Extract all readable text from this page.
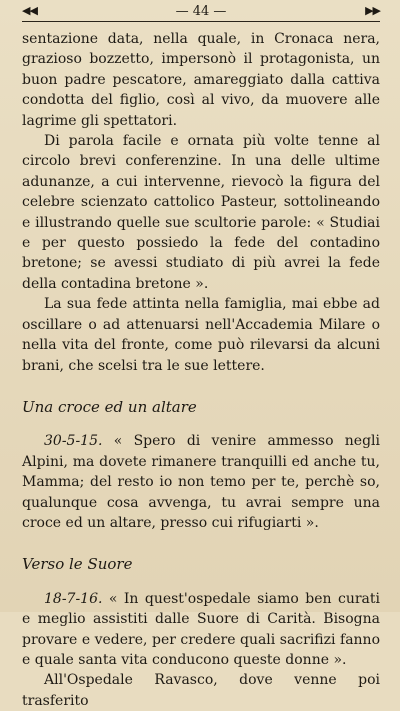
◀◀	— 44 —	▶▶

sentazione data, nella quale, in Cronaca nera, grazioso bozzetto, impersonò il protagonista, un buon padre pescatore, amareggiato dalla cattiva condotta del figlio, così al vivo, da muovere alle lagrime gli spettatori.

Di parola facile e ornata più volte tenne al circolo brevi conferenzine. In una delle ultime adunanze, a cui intervenne, rievocò la figura del celebre scienzato cattolico Pasteur, sottolineando e illustrando quelle sue scultorie parole: « Studiai e per questo possiedo la fede del contadino bretone; se avessi studiato di più avrei la fede della contadina bretone ».

La sua fede attinta nella famiglia, mai ebbe ad oscillare o ad attenuarsi nell'Accademia Milare o nella vita del fronte, come può rilevarsi da alcuni brani, che scelsi tra le sue lettere.

Una croce ed un altare

30-5-15. « Spero di venire ammesso negli Alpini, ma dovete rimanere tranquilli ed anche tu, Mamma; del resto io non temo per te, perchè so, qualunque cosa avvenga, tu avrai sempre una croce ed un altare, presso cui rifugiarti ».

Verso le Suore

18-7-16. « In quest'ospedale siamo ben curati e meglio assistiti dalle Suore di Carità. Bisogna provare e vedere, per credere quali sacrifizi fanno e quale santa vita conducono queste donne ».

All'Ospedale Ravasco, dove venne poi trasferito
